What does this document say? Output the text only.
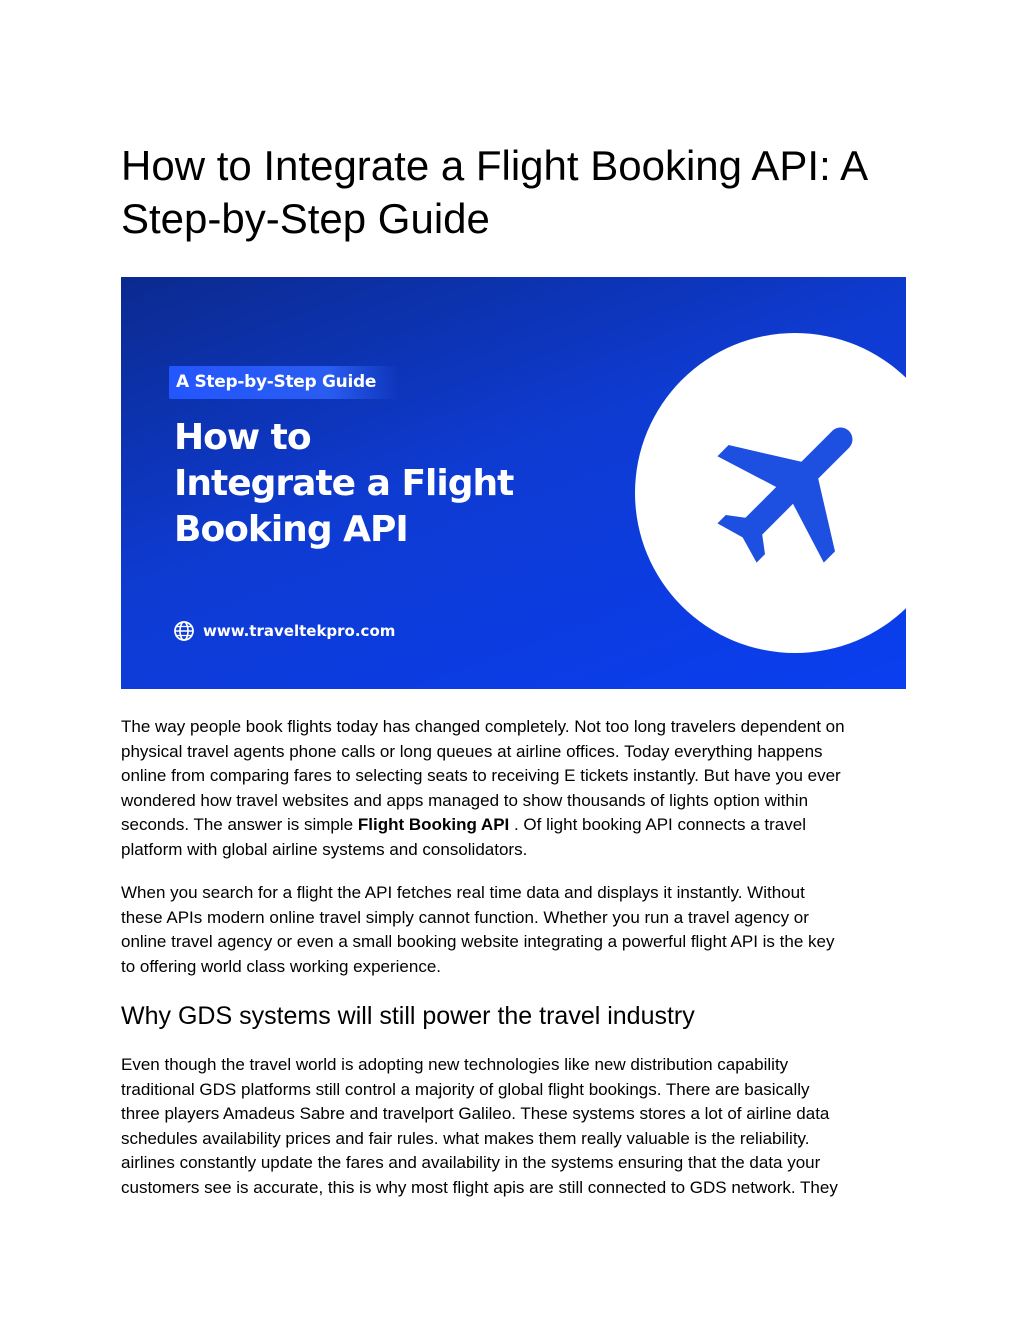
How to Integrate a Flight Booking API: A
Step-by-Step Guide
A Step-by-Step Guide
How to
Integrate a Flight
Booking API
www.traveltekpro.com

The way people book flights today has changed completely. Not too long travelers dependent on
physical travel agents phone calls or long queues at airline offices. Today everything happens
online from comparing fares to selecting seats to receiving E tickets instantly. But have you ever
wondered how travel websites and apps managed to show thousands of lights option within
seconds. The answer is simple Flight Booking API . Of light booking API connects a travel
platform with global airline systems and consolidators.

When you search for a flight the API fetches real time data and displays it instantly. Without
these APIs modern online travel simply cannot function. Whether you run a travel agency or
online travel agency or even a small booking website integrating a powerful flight API is the key
to offering world class working experience.

Why GDS systems will still power the travel industry

Even though the travel world is adopting new technologies like new distribution capability
traditional GDS platforms still control a majority of global flight bookings. There are basically
three players Amadeus Sabre and travelport Galileo. These systems stores a lot of airline data
schedules availability prices and fair rules. what makes them really valuable is the reliability.
airlines constantly update the fares and availability in the systems ensuring that the data your
customers see is accurate, this is why most flight apis are still connected to GDS network. They
